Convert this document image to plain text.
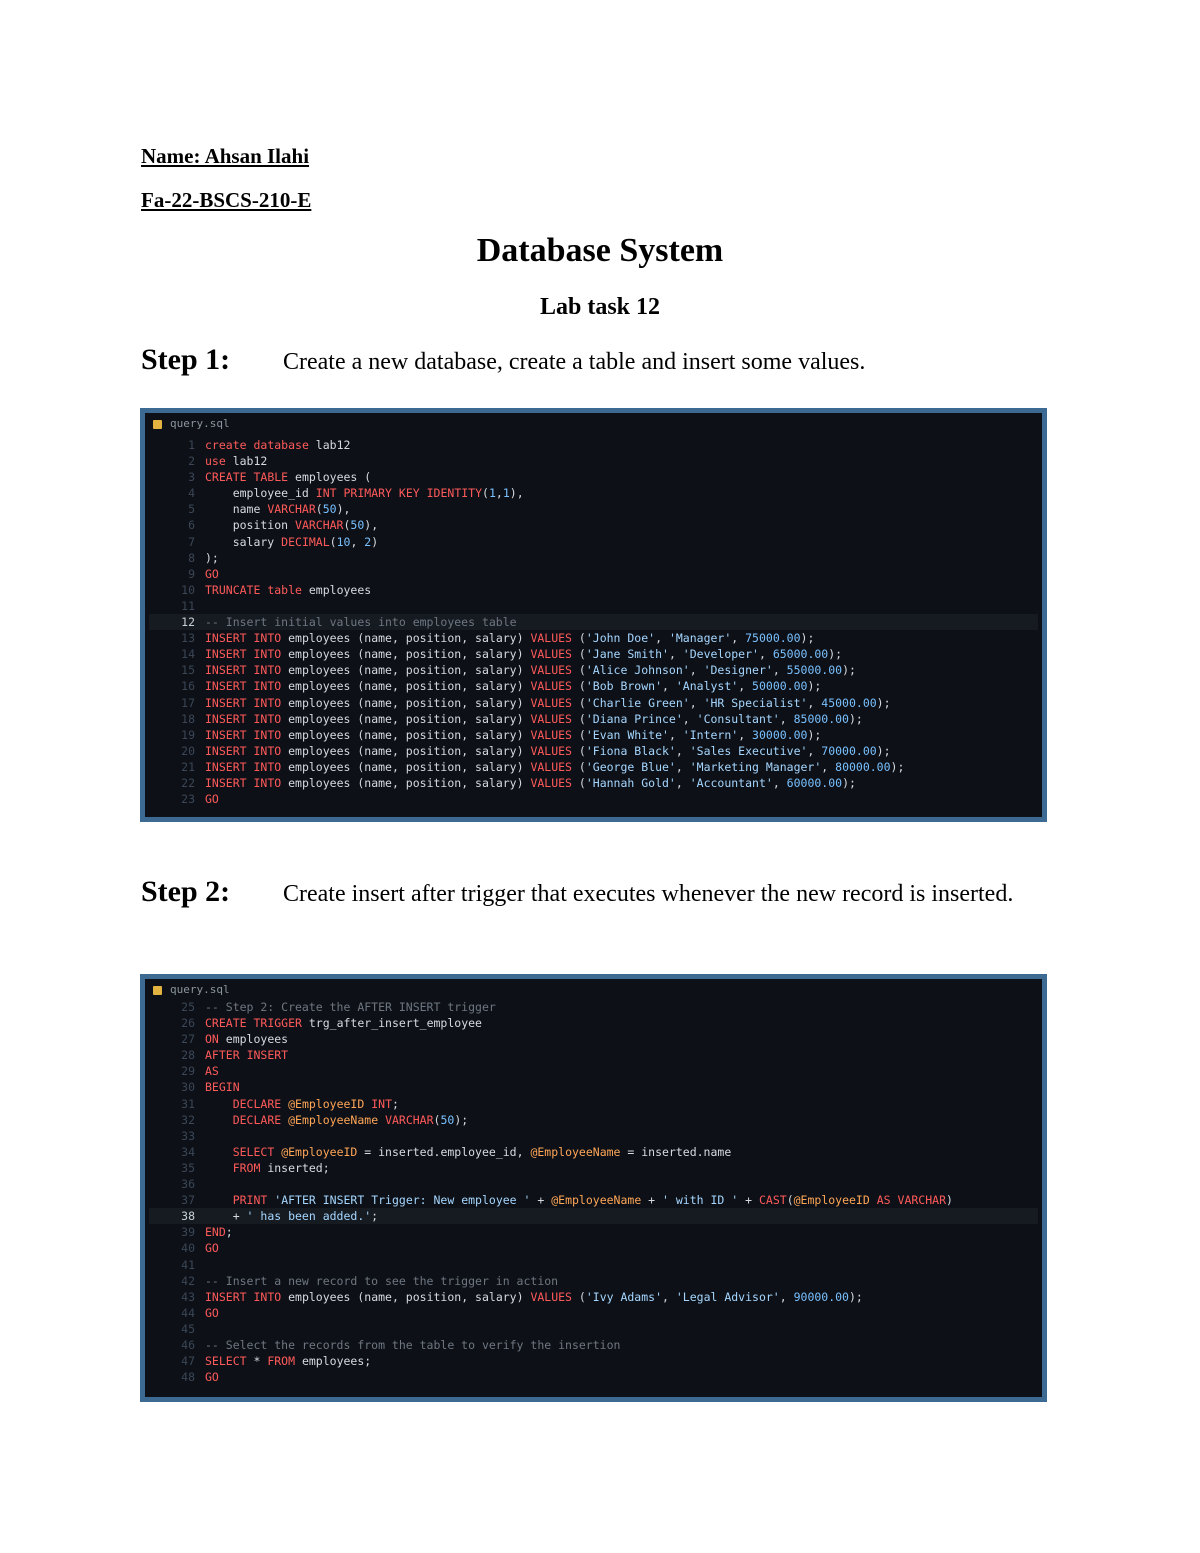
Name: Ahsan Ilahi
Fa-22-BSCS-210-E
Database System
Lab task 12
Step 1: Create a new database, create a table and insert some values.
query.sql
1 create database lab12
2 use lab12
3 CREATE TABLE employees (
4 employee_id INT PRIMARY KEY IDENTITY(1,1),
5 name VARCHAR(50),
6 position VARCHAR(50),
7 salary DECIMAL(10, 2)
8 );
9 GO
10 TRUNCATE table employees
11
12 -- Insert initial values into employees table
13 INSERT INTO employees (name, position, salary) VALUES ('John Doe', 'Manager', 75000.00);
14 INSERT INTO employees (name, position, salary) VALUES ('Jane Smith', 'Developer', 65000.00);
15 INSERT INTO employees (name, position, salary) VALUES ('Alice Johnson', 'Designer', 55000.00);
16 INSERT INTO employees (name, position, salary) VALUES ('Bob Brown', 'Analyst', 50000.00);
17 INSERT INTO employees (name, position, salary) VALUES ('Charlie Green', 'HR Specialist', 45000.00);
18 INSERT INTO employees (name, position, salary) VALUES ('Diana Prince', 'Consultant', 85000.00);
19 INSERT INTO employees (name, position, salary) VALUES ('Evan White', 'Intern', 30000.00);
20 INSERT INTO employees (name, position, salary) VALUES ('Fiona Black', 'Sales Executive', 70000.00);
21 INSERT INTO employees (name, position, salary) VALUES ('George Blue', 'Marketing Manager', 80000.00);
22 INSERT INTO employees (name, position, salary) VALUES ('Hannah Gold', 'Accountant', 60000.00);
23 GO
Step 2: Create insert after trigger that executes whenever the new record is inserted.
query.sql
25 -- Step 2: Create the AFTER INSERT trigger
26 CREATE TRIGGER trg_after_insert_employee
27 ON employees
28 AFTER INSERT
29 AS
30 BEGIN
31	DECLARE @EmployeeID INT;
32	DECLARE @EmployeeName VARCHAR(50);
33
34	SELECT @EmployeeID = inserted.employee_id, @EmployeeName = inserted.name
35	FROM inserted;
36
37	PRINT 'AFTER INSERT Trigger: New employee ' + @EmployeeName + ' with ID ' + CAST(@EmployeeID AS VARCHAR)
38 + ' has been added.';
39 END;
40 GO
41
42 -- Insert a new record to see the trigger in action
43 INSERT INTO employees (name, position, salary) VALUES ('Ivy Adams', 'Legal Advisor', 90000.00);
44 GO
45
46 -- Select the records from the table to verify the insertion
47 SELECT * FROM employees;
48 GO
